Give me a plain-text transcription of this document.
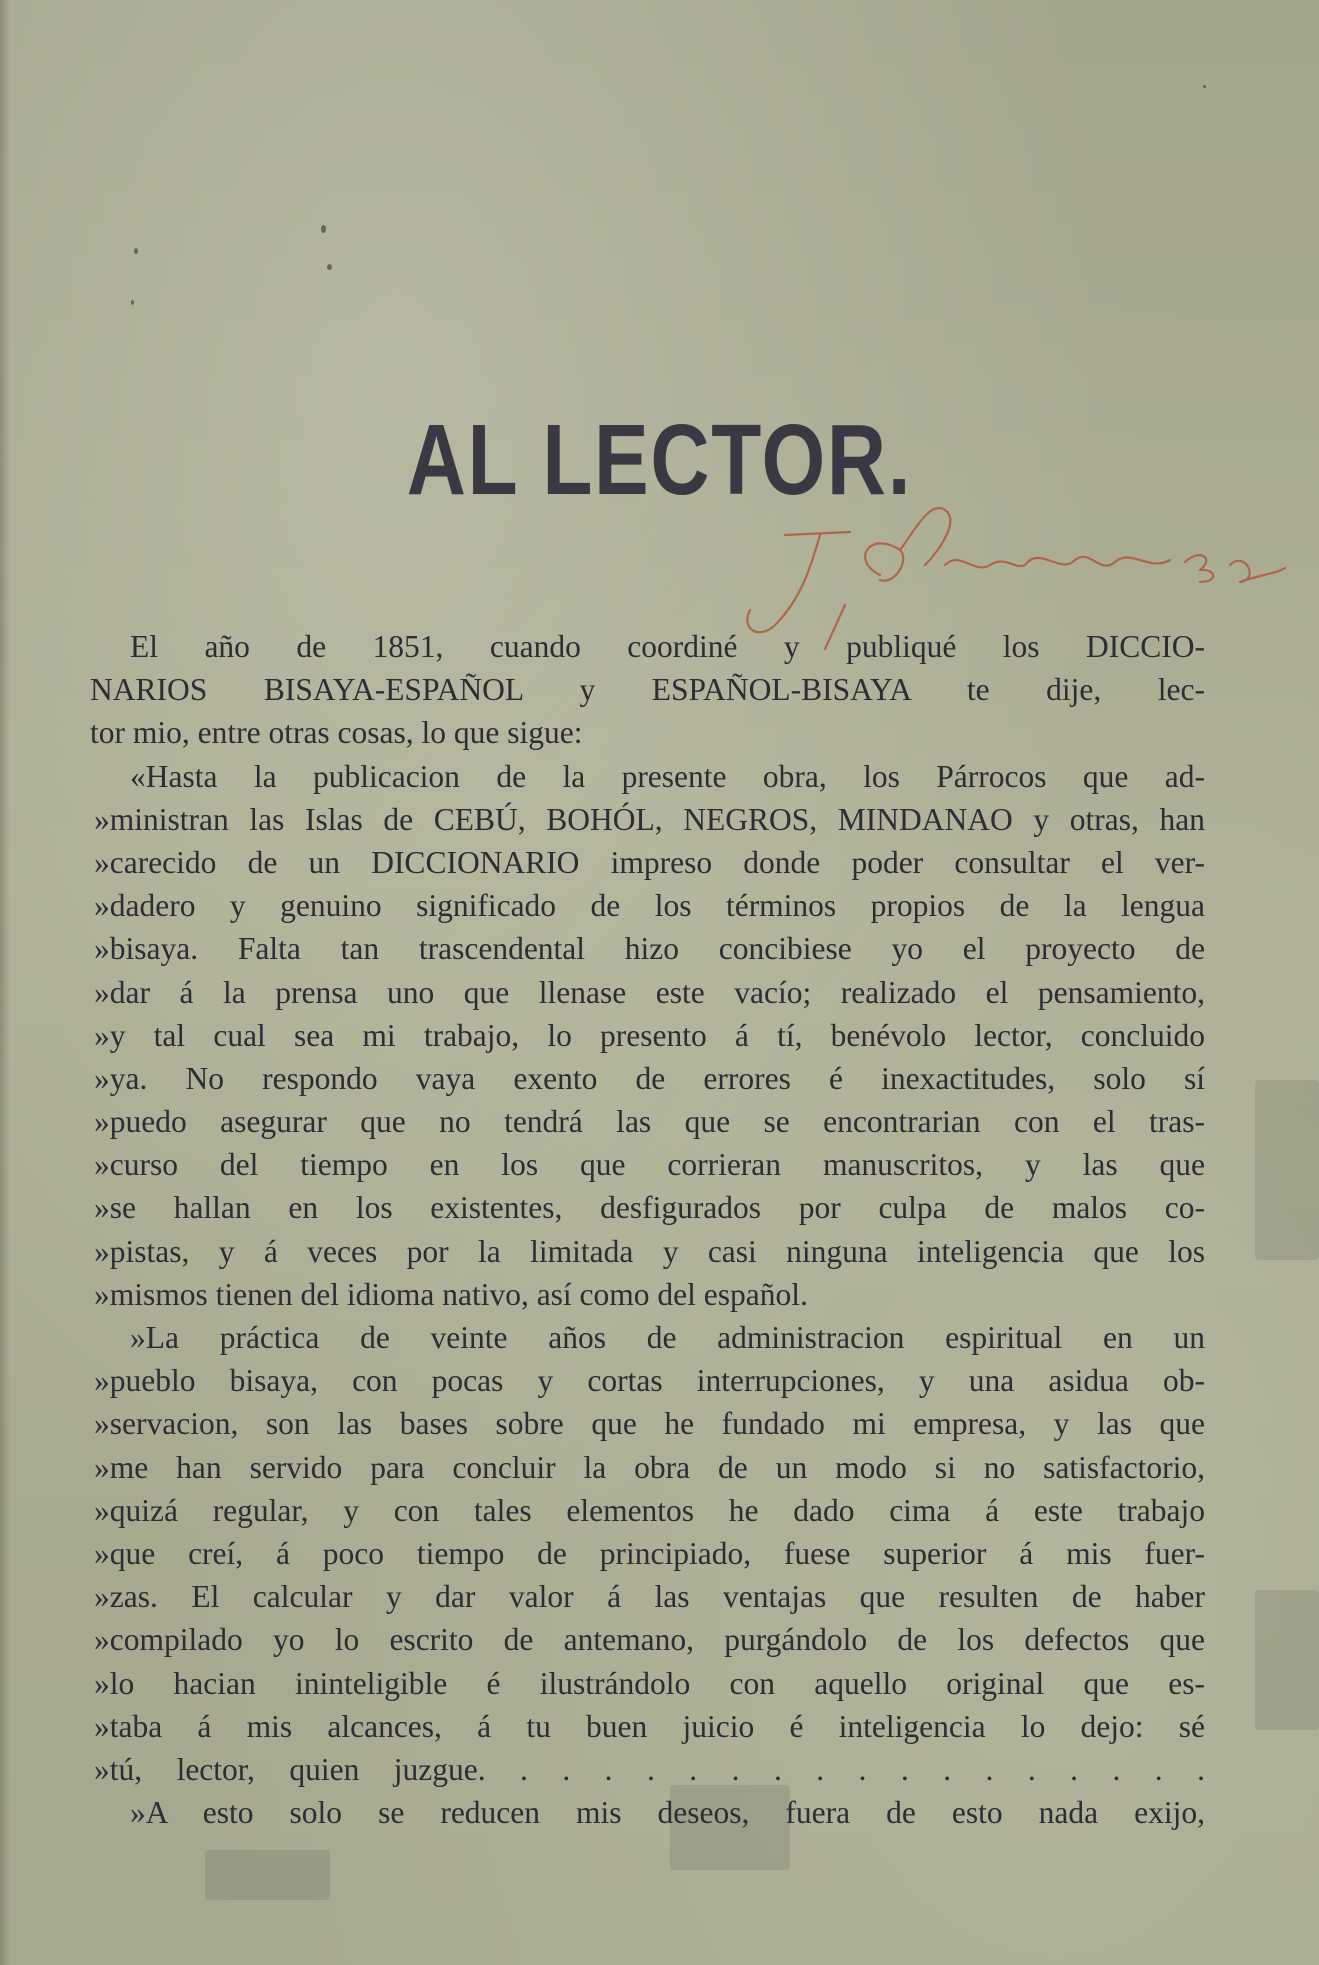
AL LECTOR.
El año de 1851, cuando coordiné y publiqué los DICCIO-
NARIOS BISAYA-ESPAÑOL y ESPAÑOL-BISAYA te dije, lec-
tor mio, entre otras cosas, lo que sigue:
«Hasta la publicacion de la presente obra, los Párrocos que ad-
»ministran las Islas de CEBÚ, BOHÓL, NEGROS, MINDANAO y otras, han
»carecido de un DICCIONARIO impreso donde poder consultar el ver-
»dadero y genuino significado de los términos propios de la lengua
»bisaya. Falta tan trascendental hizo concibiese yo el proyecto de
»dar á la prensa uno que llenase este vacío; realizado el pensamiento,
»y tal cual sea mi trabajo, lo presento á tí, benévolo lector, concluido
»ya. No respondo vaya exento de errores é inexactitudes, solo sí
»puedo asegurar que no tendrá las que se encontrarian con el tras-
»curso del tiempo en los que corrieran manuscritos, y las que
»se hallan en los existentes, desfigurados por culpa de malos co-
»pistas, y á veces por la limitada y casi ninguna inteligencia que los
»mismos tienen del idioma nativo, así como del español.
»La práctica de veinte años de administracion espiritual en un
»pueblo bisaya, con pocas y cortas interrupciones, y una asidua ob-
»servacion, son las bases sobre que he fundado mi empresa, y las que
»me han servido para concluir la obra de un modo si no satisfactorio,
»quizá regular, y con tales elementos he dado cima á este trabajo
»que creí, á poco tiempo de principiado, fuese superior á mis fuer-
»zas. El calcular y dar valor á las ventajas que resulten de haber
»compilado yo lo escrito de antemano, purgándolo de los defectos que
»lo hacian ininteligible é ilustrándolo con aquello original que es-
»taba á mis alcances, á tu buen juicio é inteligencia lo dejo: sé
»tú, lector, quien juzgue. . . . . . . . . . . . . . . . . .
»A esto solo se reducen mis deseos, fuera de esto nada exijo,
